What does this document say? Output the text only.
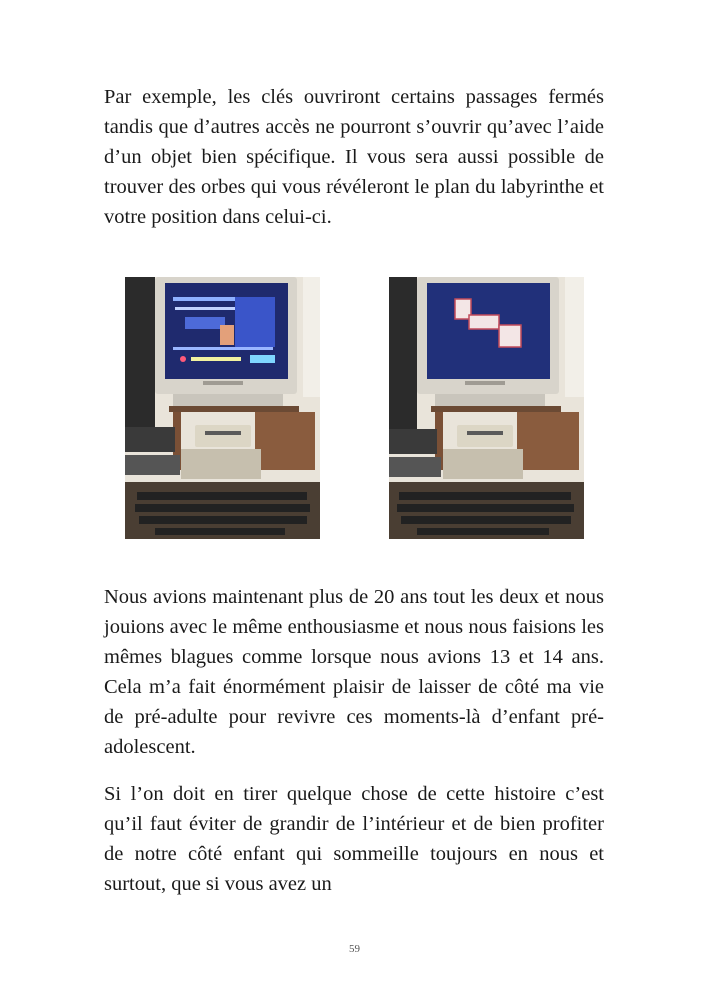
Par exemple, les clés ouvriront certains passages fermés tandis que d’autres accès ne pourront s’ouvrir qu’avec l’aide d’un objet bien spécifique. Il vous sera aussi possible de trouver des orbes qui vous révéleront le plan du labyrinthe et votre position dans celui-ci.

Nous avions maintenant plus de 20 ans tout les deux et nous jouions avec le même enthousiasme et nous nous faisions les mêmes blagues comme lorsque nous avions 13 et 14 ans. Cela m’a fait énormément plaisir de laisser de côté ma vie de pré-adulte pour revivre ces moments-là d’enfant pré-adolescent.

Si l’on doit en tirer quelque chose de cette histoire c’est qu’il faut éviter de grandir de l’intérieur et de bien profiter de notre côté enfant qui sommeille toujours en nous et surtout, que si vous avez un

59
